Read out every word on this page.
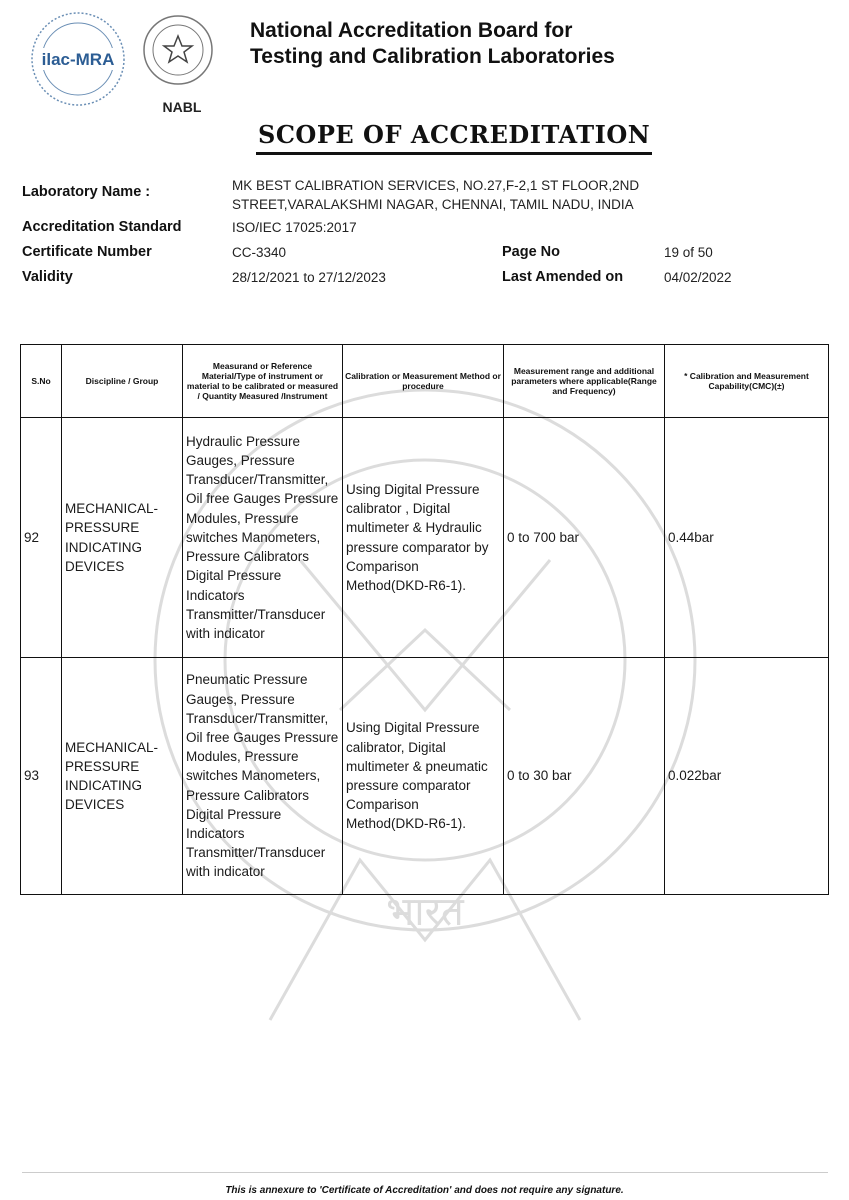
भारत
ilac-MRA
NABL
National Accreditation Board for
Testing and Calibration Laboratories
SCOPE OF ACCREDITATION
Laboratory Name :	MK BEST CALIBRATION SERVICES, NO.27,F-2,1 ST FLOOR,2ND
STREET,VARALAKSHMI NAGAR, CHENNAI, TAMIL NADU, INDIA
Accreditation Standard	ISO/IEC 17025:2017
Certificate Number	CC-3340	Page No	19 of 50
Validity	28/12/2021 to 27/12/2023	Last Amended on	04/02/2022
S.No	Discipline / Group	Measurand or Reference Material/Type of instrument or material to be calibrated or measured / Quantity Measured /Instrument	Calibration or Measurement Method or procedure	Measurement range and additional parameters where applicable(Range and Frequency)	* Calibration and Measurement Capability(CMC)(±)
92	MECHANICAL- PRESSURE INDICATING DEVICES	Hydraulic Pressure Gauges, Pressure Transducer/Transmitter, Oil free Gauges Pressure Modules, Pressure switches Manometers, Pressure Calibrators Digital Pressure Indicators Transmitter/Transducer with indicator	Using Digital Pressure calibrator , Digital multimeter & Hydraulic pressure comparator by Comparison Method(DKD-R6-1).	0 to 700 bar	0.44bar
93	MECHANICAL- PRESSURE INDICATING DEVICES	Pneumatic Pressure Gauges, Pressure Transducer/Transmitter, Oil free Gauges Pressure Modules, Pressure switches Manometers, Pressure Calibrators Digital Pressure Indicators Transmitter/Transducer with indicator	Using Digital Pressure calibrator, Digital multimeter & pneumatic pressure comparator Comparison Method(DKD-R6-1).	0 to 30 bar	0.022bar
This is annexure to 'Certificate of Accreditation' and does not require any signature.
